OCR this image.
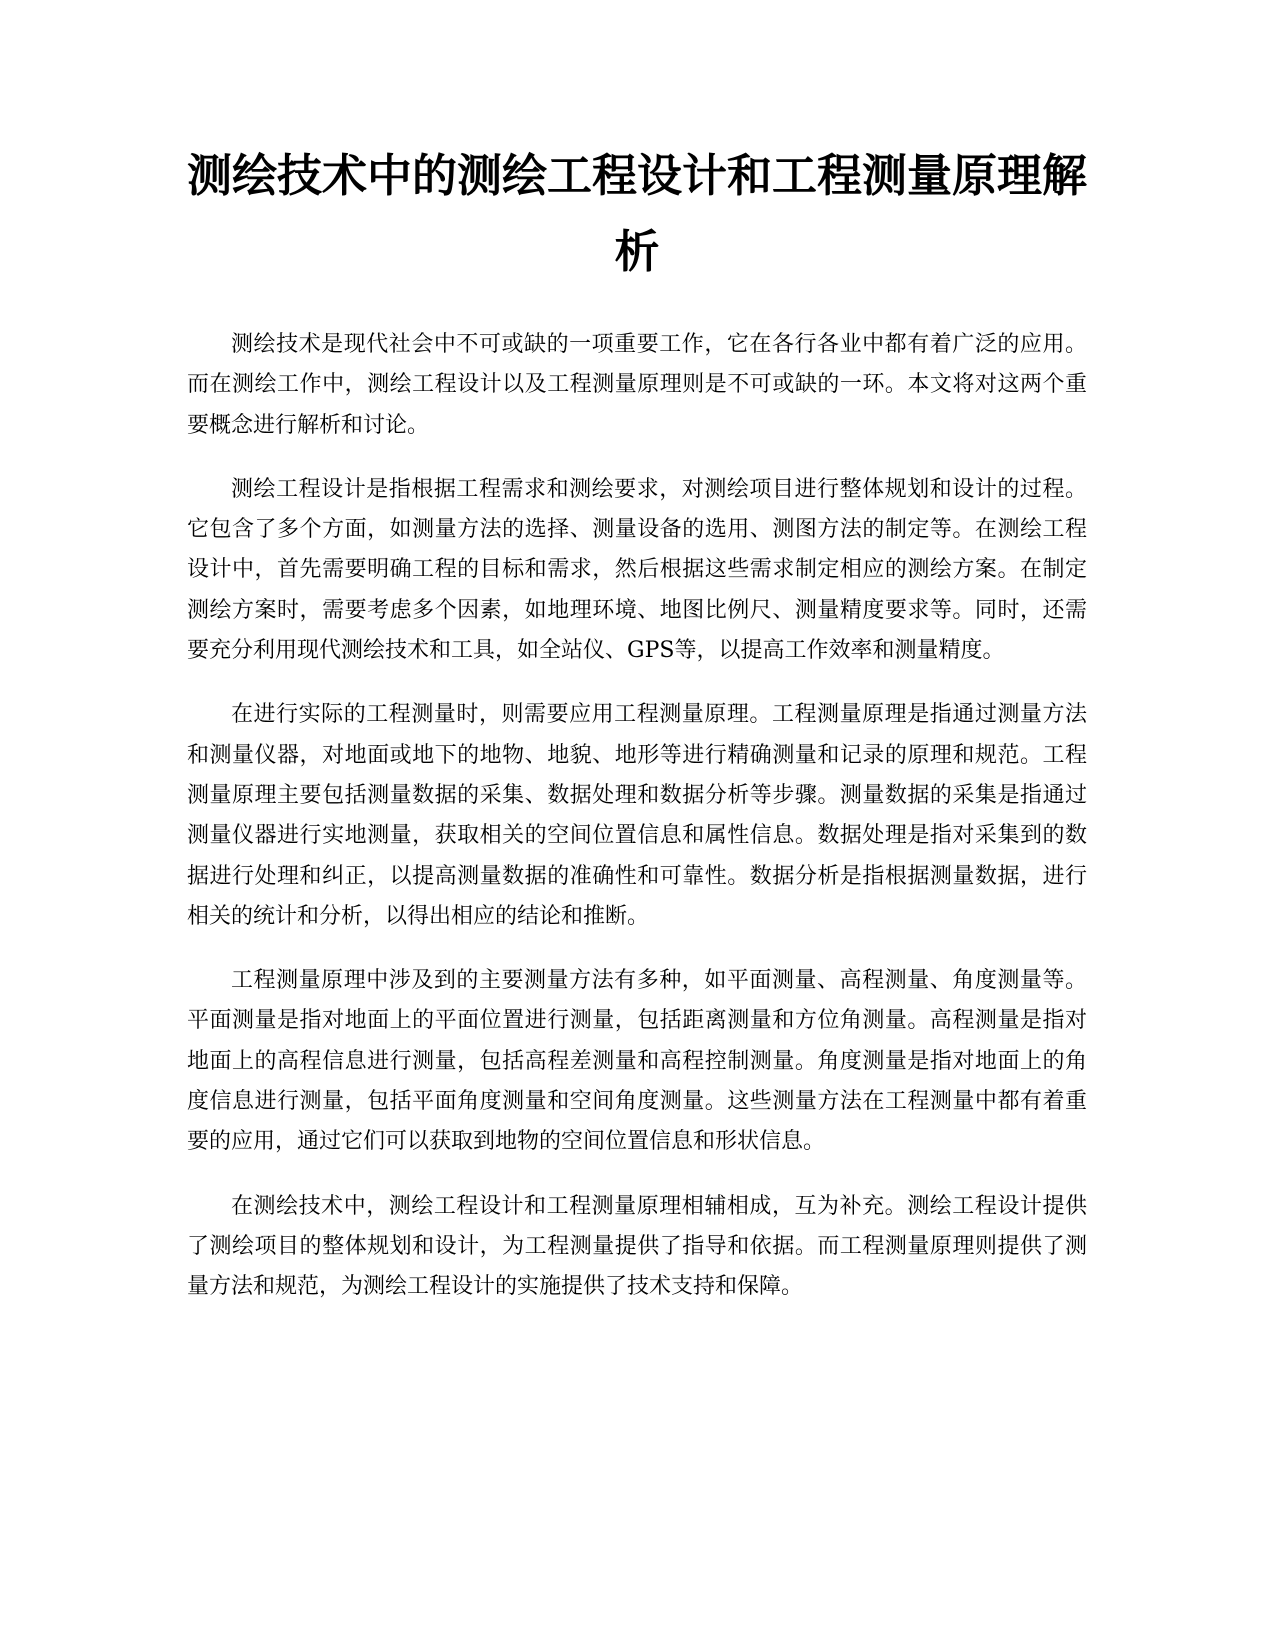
测绘技术中的测绘工程设计和工程测量原理解析

测绘技术是现代社会中不可或缺的一项重要工作，它在各行各业中都有着广泛的应用。而在测绘工作中，测绘工程设计以及工程测量原理则是不可或缺的一环。本文将对这两个重要概念进行解析和讨论。

测绘工程设计是指根据工程需求和测绘要求，对测绘项目进行整体规划和设计的过程。它包含了多个方面，如测量方法的选择、测量设备的选用、测图方法的制定等。在测绘工程设计中，首先需要明确工程的目标和需求，然后根据这些需求制定相应的测绘方案。在制定测绘方案时，需要考虑多个因素，如地理环境、地图比例尺、测量精度要求等。同时，还需要充分利用现代测绘技术和工具，如全站仪、GPS等，以提高工作效率和测量精度。

在进行实际的工程测量时，则需要应用工程测量原理。工程测量原理是指通过测量方法和测量仪器，对地面或地下的地物、地貌、地形等进行精确测量和记录的原理和规范。工程测量原理主要包括测量数据的采集、数据处理和数据分析等步骤。测量数据的采集是指通过测量仪器进行实地测量，获取相关的空间位置信息和属性信息。数据处理是指对采集到的数据进行处理和纠正，以提高测量数据的准确性和可靠性。数据分析是指根据测量数据，进行相关的统计和分析，以得出相应的结论和推断。

工程测量原理中涉及到的主要测量方法有多种，如平面测量、高程测量、角度测量等。平面测量是指对地面上的平面位置进行测量，包括距离测量和方位角测量。高程测量是指对地面上的高程信息进行测量，包括高程差测量和高程控制测量。角度测量是指对地面上的角度信息进行测量，包括平面角度测量和空间角度测量。这些测量方法在工程测量中都有着重要的应用，通过它们可以获取到地物的空间位置信息和形状信息。

在测绘技术中，测绘工程设计和工程测量原理相辅相成，互为补充。测绘工程设计提供了测绘项目的整体规划和设计，为工程测量提供了指导和依据。而工程测量原理则提供了测量方法和规范，为测绘工程设计的实施提供了技术支持和保障。
